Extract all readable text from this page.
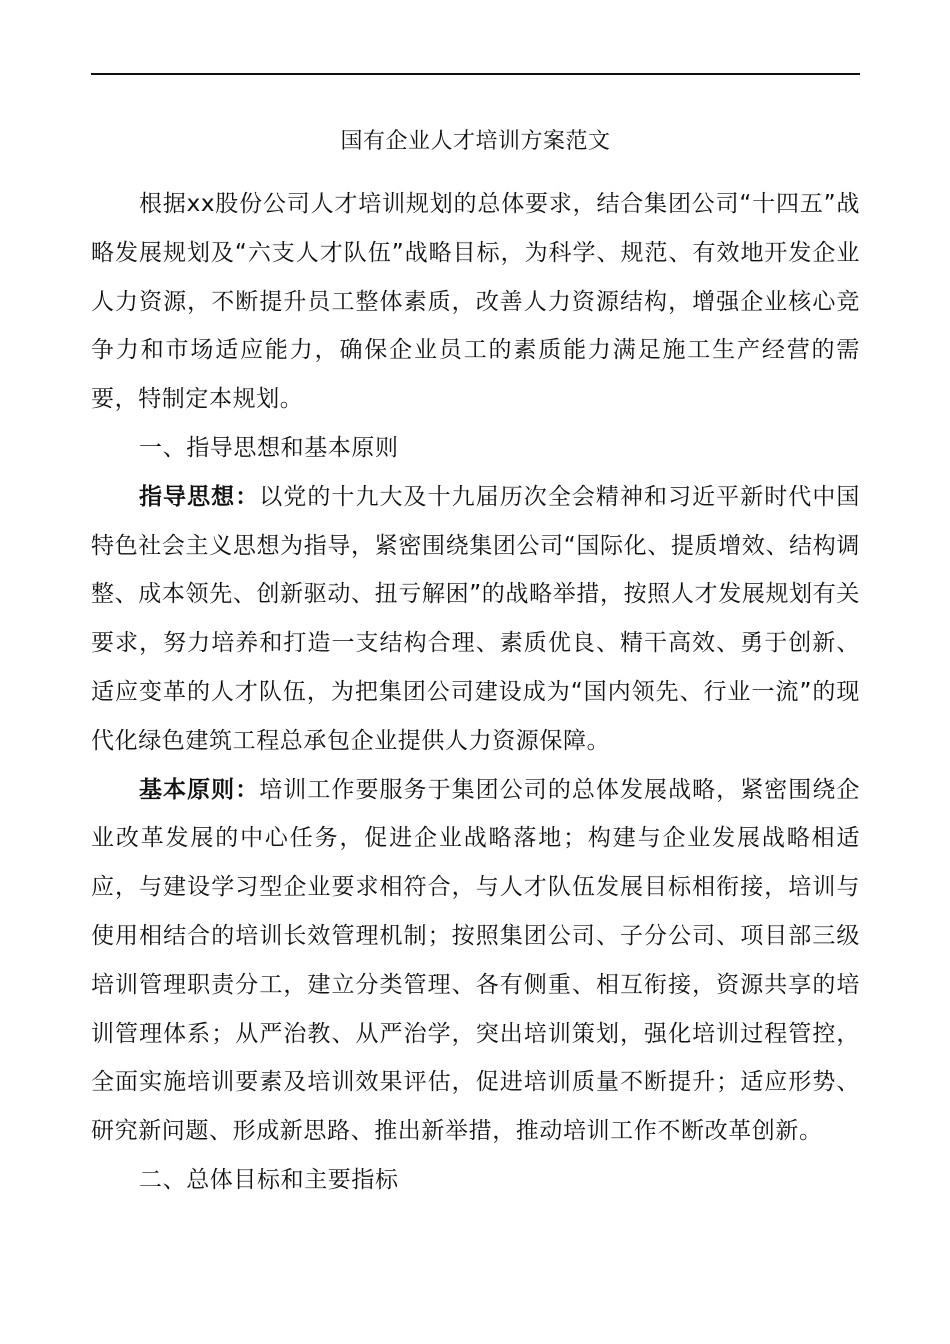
国有企业人才培训方案范文

根据xx股份公司人才培训规划的总体要求，结合集团公司“十四五”战略发展规划及“六支人才队伍”战略目标，为科学、规范、有效地开发企业人力资源，不断提升员工整体素质，改善人力资源结构，增强企业核心竞争力和市场适应能力，确保企业员工的素质能力满足施工生产经营的需要，特制定本规划。

一、指导思想和基本原则

指导思想：以党的十九大及十九届历次全会精神和习近平新时代中国特色社会主义思想为指导，紧密围绕集团公司“国际化、提质增效、结构调整、成本领先、创新驱动、扭亏解困”的战略举措，按照人才发展规划有关要求，努力培养和打造一支结构合理、素质优良、精干高效、勇于创新、适应变革的人才队伍，为把集团公司建设成为“国内领先、行业一流”的现代化绿色建筑工程总承包企业提供人力资源保障。

基本原则：培训工作要服务于集团公司的总体发展战略，紧密围绕企业改革发展的中心任务，促进企业战略落地；构建与企业发展战略相适应，与建设学习型企业要求相符合，与人才队伍发展目标相衔接，培训与使用相结合的培训长效管理机制；按照集团公司、子分公司、项目部三级培训管理职责分工，建立分类管理、各有侧重、相互衔接，资源共享的培训管理体系；从严治教、从严治学，突出培训策划，强化培训过程管控，全面实施培训要素及培训效果评估，促进培训质量不断提升；适应形势、研究新问题、形成新思路、推出新举措，推动培训工作不断改革创新。

二、总体目标和主要指标
